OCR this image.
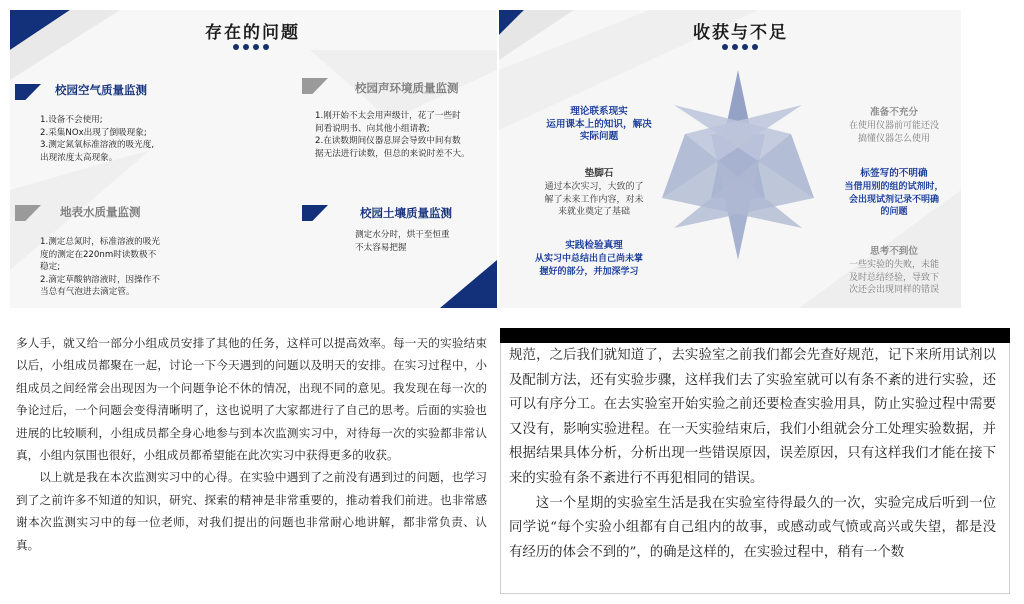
存在的问题
校园空气质量监测
1.设备不会使用;
2.采集NOx出现了倒吸现象;
3.测定氮氧标准溶液的吸光度,
出现浓度太高现象。
校园声环境质量监测
1.刚开始不太会用声级计，花了一些时
间看说明书、向其他小组请教;
2.在读数期间仪器息屏会导致中间有数
据无法进行读数，但总的来说时差不大。
地表水质量监测
1.测定总氮时，标准溶液的吸光
度的测定在220nm时读数极不
稳定;
2.滴定草酸钠溶液时，因操作不
当总有气泡进去滴定管。
校园土壤质量监测
测定水分时，烘干至恒重
不太容易把握
收获与不足
理论联系现实
运用课本上的知识，解决
实际问题
垫脚石
通过本次实习，大致的了
解了未来工作内容，对未
来就业奠定了基础
实践检验真理
从实习中总结出自己尚未掌
握好的部分，并加深学习
准备不充分
在使用仪器前可能还没
搞懂仪器怎么使用
标签写的不明确
当借用别的组的试剂时，
会出现试剂记录不明确
的问题
思考不到位
一些实验的失败，未能
及时总结经验，导致下
次还会出现同样的错误

多人手，就又给一部分小组成员安排了其他的任务，这样可以提高效率。每一天的实验结束以后，小组成员都聚在一起，讨论一下今天遇到的问题以及明天的安排。在实习过程中，小组成员之间经常会出现因为一个问题争论不休的情况，出现不同的意见。我发现在每一次的争论过后，一个问题会变得清晰明了，这也说明了大家都进行了自己的思考。后面的实验也进展的比较顺利，小组成员都全身心地参与到本次监测实习中，对待每一次的实验都非常认真，小组内氛围也很好，小组成员都希望能在此次实习中获得更多的收获。

以上就是我在本次监测实习中的心得。在实验中遇到了之前没有遇到过的问题，也学习到了之前许多不知道的知识，研究、探索的精神是非常重要的，推动着我们前进。也非常感谢本次监测实习中的每一位老师，对我们提出的问题也非常耐心地讲解，都非常负责、认真。

规范，之后我们就知道了，去实验室之前我们都会先查好规范，记下来所用试剂以及配制方法，还有实验步骤，这样我们去了实验室就可以有条不紊的进行实验，还可以有序分工。在去实验室开始实验之前还要检查实验用具，防止实验过程中需要又没有，影响实验进程。在一天实验结束后，我们小组就会分工处理实验数据，并根据结果具体分析，分析出现一些错误原因，误差原因，只有这样我们才能在接下来的实验有条不紊进行不再犯相同的错误。

这一个星期的实验室生活是我在实验室待得最久的一次，实验完成后听到一位同学说“每个实验小组都有自己组内的故事，或感动或气愤或高兴或失望，都是没有经历的体会不到的”，的确是这样的，在实验过程中，稍有一个数
